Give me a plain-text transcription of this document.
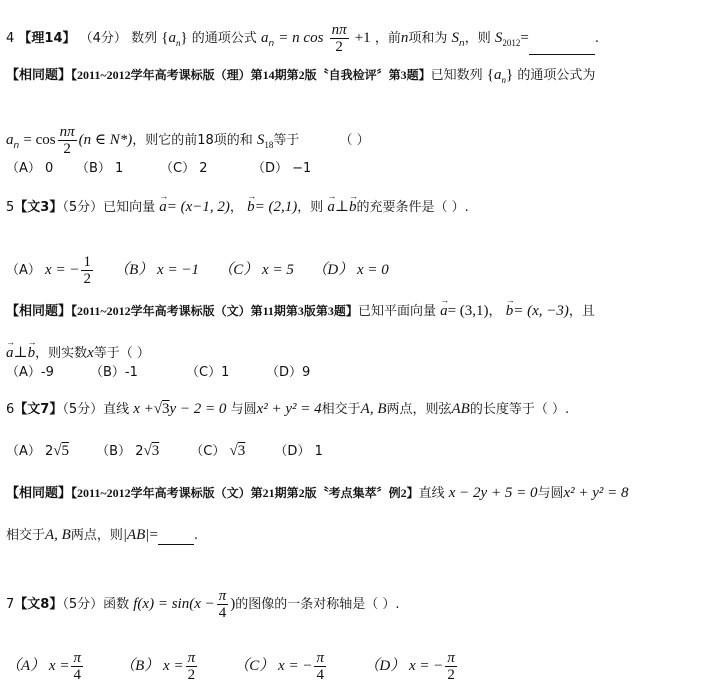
4 【理14】 （4分） 数列 $\{a_n\}$ 的通项公式 $a_n = n$ $\cos \frac{n\pi}{2} +1$ ，前n项和为 $S_n$，则 $S_{2012}=$	.
【相同题】【2011~2012学年高考课标版（理）第14期第2版〝自我检评〞第3题】已知数列 $\{a_n\}$ 的通项公式为
$a_n = \cos \frac{n\pi}{2} (n$ ∈ N*)，则它的前18项的和 $S_{18}$等于	（ ）
（A） 0 （B） 1	（C） 2	（D） −1
5【文3】（5分）已知向量 → a= (x−1, 2)， → b= (2,1)，则 → a⊥→ b的充要条件是（ ）.
（A） x = − $\frac{1}{2} (B) x = -1$ （C） x = 5 （D） x = 0
【相同题】【2011~2012学年高考课标版（文）第11期第3版第3题】已知平面向量 → a= (3,1)， → b= (x, −3)，且
→ a⊥→ b，则实数x等于（ ）
（A）-9	（B）-1	（C）1	（D）9
6【文7】（5分）直线 x +√3y − 2 = 0 与圆x² + y² = 4相交于A, B两点，则弦AB的长度等于（ ）.
（A） 2√5 （B） 2√3 （C） √3 （D） 1
【相同题】【2011~2012学年高考课标版（文）第21期第2版〝考点集萃〞例2】直线 x − 2y + 5 = 0与圆x² + y² = 8
相交于A, B两点，则|AB|=	.
7【文8】（5分）函数 $f(x) = \sin(x - \frac{\pi}{4}$ )的图像的一条对称轴是（ ）.
（A） $x = \frac{\pi}{4} (B) x = \frac{\pi}{2} (C) x$ = − $\frac{\pi}{4}$	（D） x = − $\frac{\pi}{2}$
